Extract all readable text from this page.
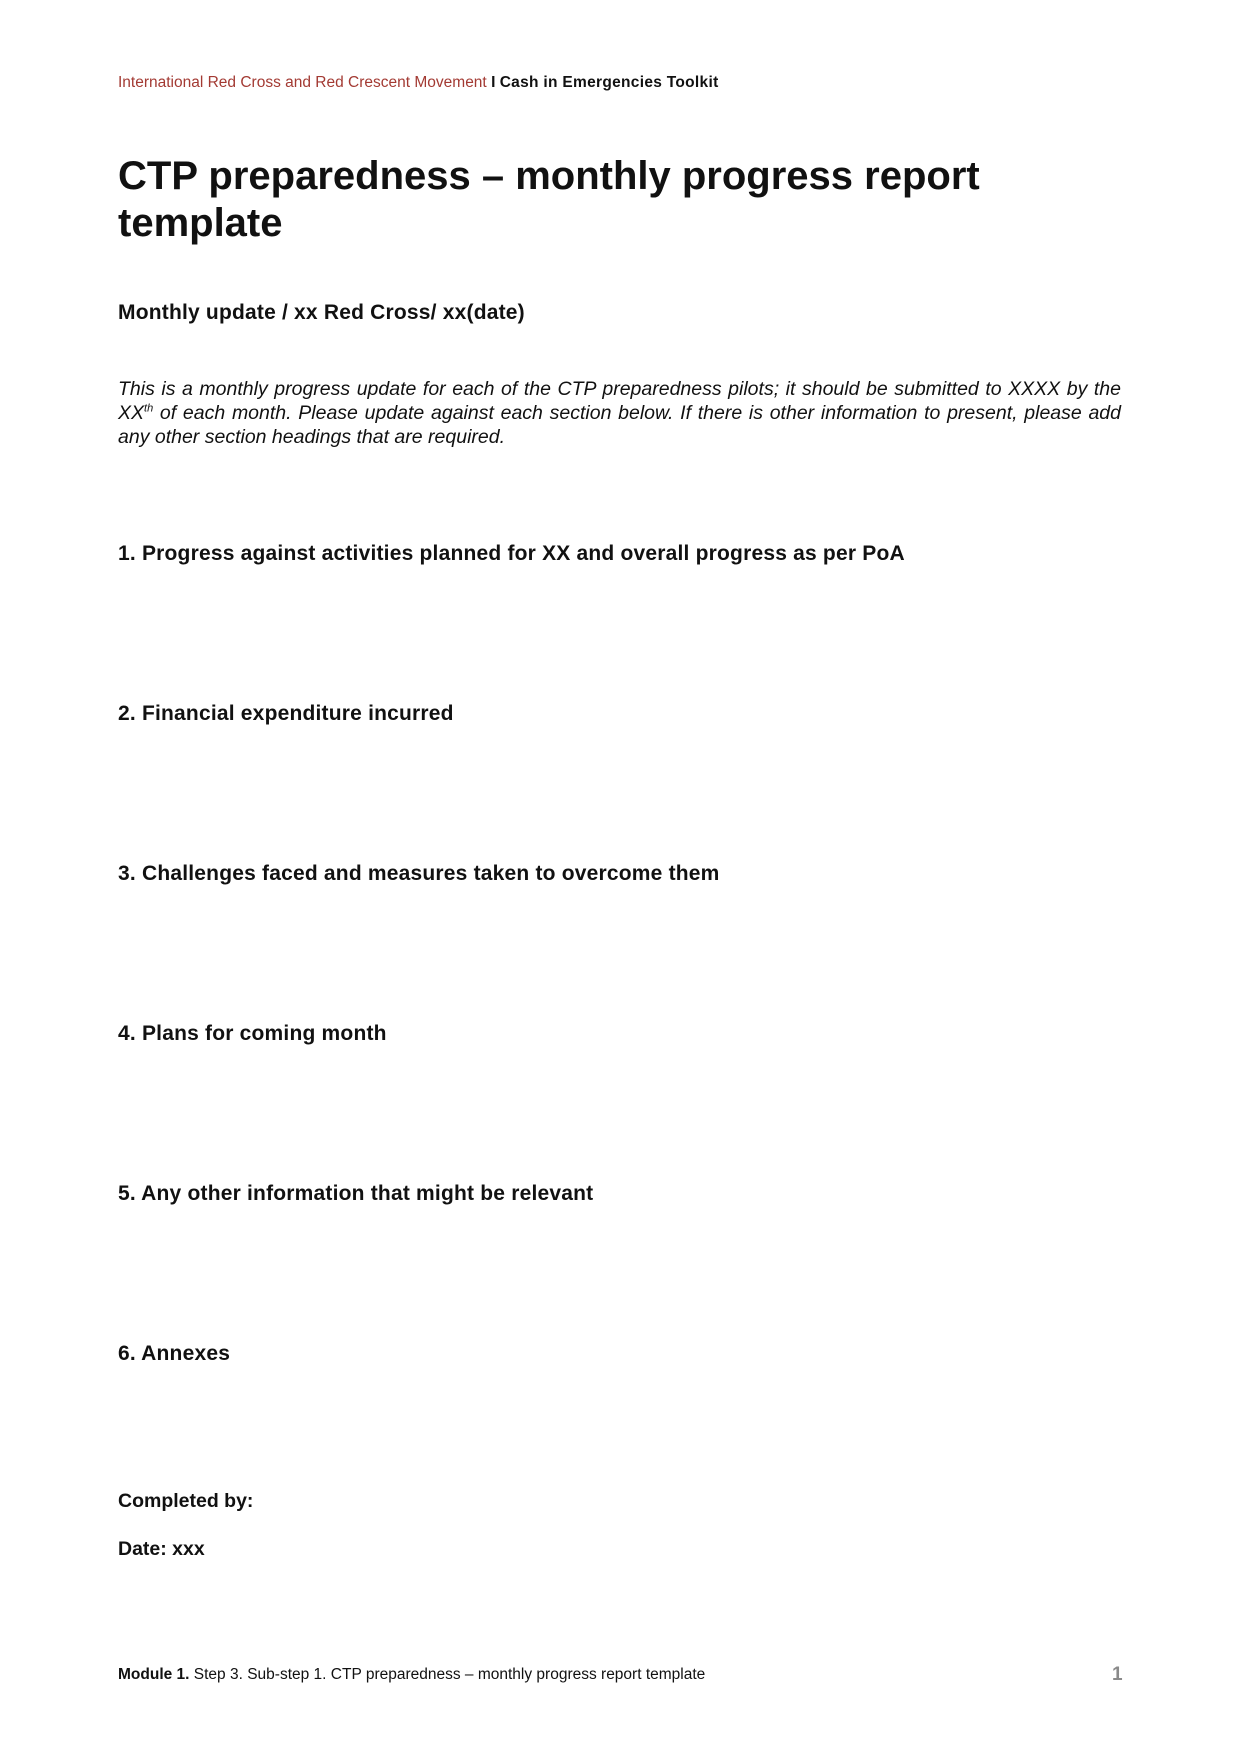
International Red Cross and Red Crescent Movement I Cash in Emergencies Toolkit
CTP preparedness – monthly progress report template
Monthly update / xx Red Cross/ xx(date)

This is a monthly progress update for each of the CTP preparedness pilots; it should be submitted to XXXX by the XXth of each month. Please update against each section below. If there is other information to present, please add any other section headings that are required.

1. Progress against activities planned for XX and overall progress as per PoA
2. Financial expenditure incurred
3. Challenges faced and measures taken to overcome them
4. Plans for coming month
5. Any other information that might be relevant
6. Annexes

Completed by:

Date: xxx

Module 1. Step 3. Sub-step 1. CTP preparedness – monthly progress report template	1
